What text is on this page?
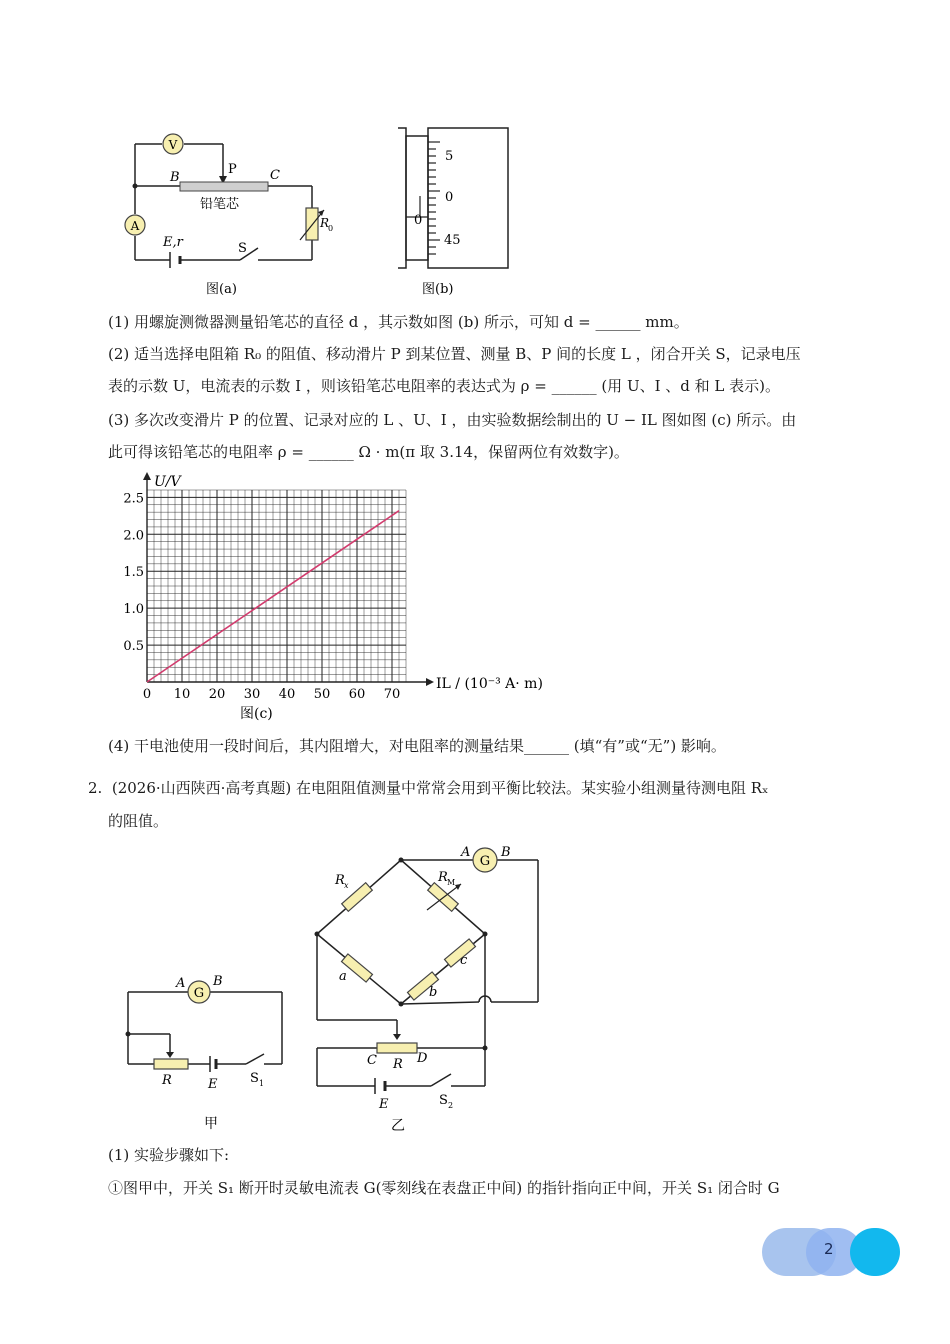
V
A
P
B	C
铅笔芯
E,r	S
R
0
图(a)
5
0
0
45
图(b)
(1) 用螺旋测微器测量铅笔芯的直径 d ，其示数如图 (b) 所示，可知 d = ______ mm。
(2) 适当选择电阻箱 R₀ 的阻值、移动滑片 P 到某位置、测量 B、P 间的长度 L ，闭合开关 S，记录电压
表的示数 U，电流表的示数 I ，则该铅笔芯电阻率的表达式为 ρ = ______ (用 U、I 、d 和 L 表示)。
(3) 多次改变滑片 P 的位置、记录对应的 L 、U、I ，由实验数据绘制出的 U − IL 图如图 (c) 所示。由
此可得该铅笔芯的电阻率 ρ = ______ Ω · m(π 取 3.14，保留两位有效数字)。
0 10 20 30 40 50 60 70
0.5
1.0
1.5
2.0
2.5
U/V
IL / (10⁻³ A· m)
图(c)
(4) 干电池使用一段时间后，其内阻增大，对电阻率的测量结果______ (填“有”或“无”) 影响。
2.  (2026·山西陕西·高考真题) 在电阻阻值测量中常常会用到平衡比较法。某实验小组测量待测电阻 Rₓ
的阻值。
G
A B
R	E	S 1
甲
G
A B
R x
R M
a
b
c
C R D
E	S 2
乙
(1) 实验步骤如下:
①图甲中，开关 S₁ 断开时灵敏电流表 G(零刻线在表盘正中间) 的指针指向正中间，开关 S₁ 闭合时 G
2
